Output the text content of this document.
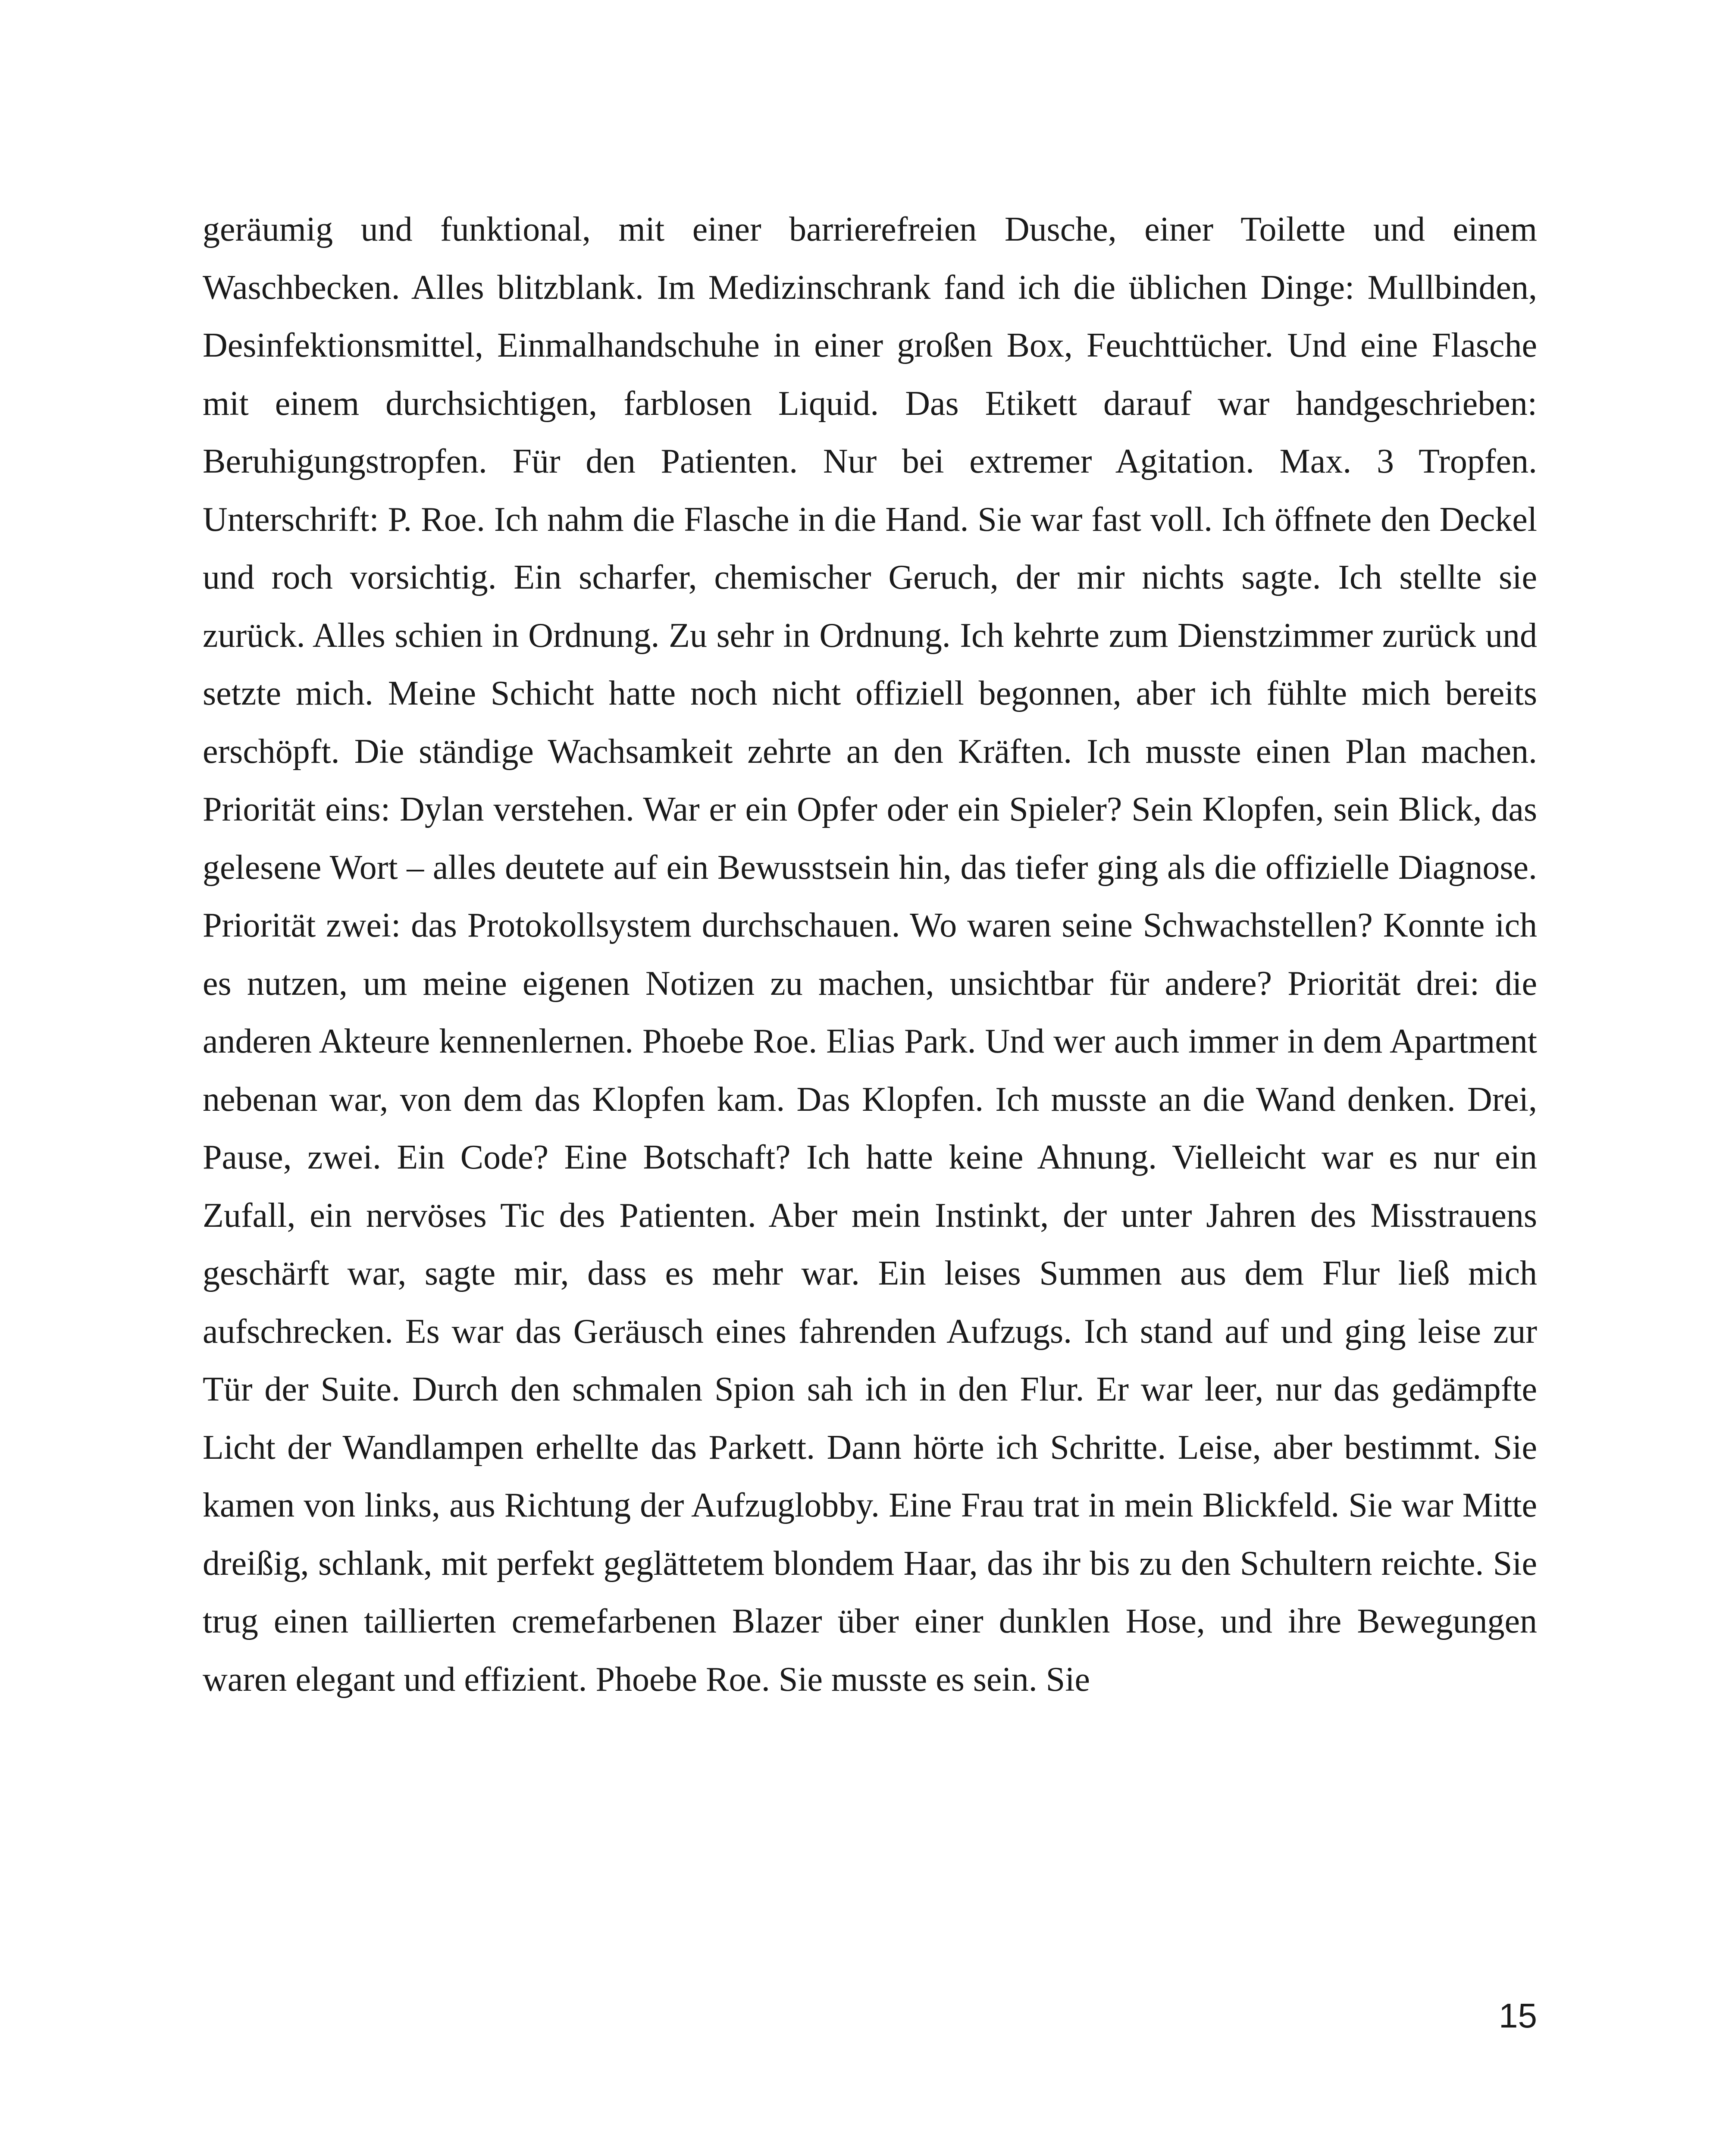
geräumig und funktional, mit einer barrierefreien Dusche, einer Toilette und einem Waschbecken. Alles blitzblank. Im Medizinschrank fand ich die üblichen Dinge: Mullbinden, Desinfektionsmittel, Einmalhandschuhe in einer großen Box, Feuchttücher. Und eine Flasche mit einem durchsichtigen, farblosen Liquid. Das Etikett darauf war handgeschrieben: Beruhigungstropfen. Für den Patienten. Nur bei extremer Agitation. Max. 3 Tropfen. Unterschrift: P. Roe. Ich nahm die Flasche in die Hand. Sie war fast voll. Ich öffnete den Deckel und roch vorsichtig. Ein scharfer, chemischer Geruch, der mir nichts sagte. Ich stellte sie zurück. Alles schien in Ordnung. Zu sehr in Ordnung. Ich kehrte zum Dienstzimmer zurück und setzte mich. Meine Schicht hatte noch nicht offiziell begonnen, aber ich fühlte mich bereits erschöpft. Die ständige Wachsamkeit zehrte an den Kräften. Ich musste einen Plan machen. Priorität eins: Dylan verstehen. War er ein Opfer oder ein Spieler? Sein Klopfen, sein Blick, das gelesene Wort – alles deutete auf ein Bewusstsein hin, das tiefer ging als die offizielle Diagnose. Priorität zwei: das Protokollsystem durchschauen. Wo waren seine Schwachstellen? Konnte ich es nutzen, um meine eigenen Notizen zu machen, unsichtbar für andere? Priorität drei: die anderen Akteure kennenlernen. Phoebe Roe. Elias Park. Und wer auch immer in dem Apartment nebenan war, von dem das Klopfen kam. Das Klopfen. Ich musste an die Wand denken. Drei, Pause, zwei. Ein Code? Eine Botschaft? Ich hatte keine Ahnung. Vielleicht war es nur ein Zufall, ein nervöses Tic des Patienten. Aber mein Instinkt, der unter Jahren des Misstrauens geschärft war, sagte mir, dass es mehr war. Ein leises Summen aus dem Flur ließ mich aufschrecken. Es war das Geräusch eines fahrenden Aufzugs. Ich stand auf und ging leise zur Tür der Suite. Durch den schmalen Spion sah ich in den Flur. Er war leer, nur das gedämpfte Licht der Wandlampen erhellte das Parkett. Dann hörte ich Schritte. Leise, aber bestimmt. Sie kamen von links, aus Richtung der Aufzuglobby. Eine Frau trat in mein Blickfeld. Sie war Mitte dreißig, schlank, mit perfekt geglättetem blondem Haar, das ihr bis zu den Schultern reichte. Sie trug einen taillierten cremefarbenen Blazer über einer dunklen Hose, und ihre Bewegungen waren elegant und effizient. Phoebe Roe. Sie musste es sein. Sie

15
